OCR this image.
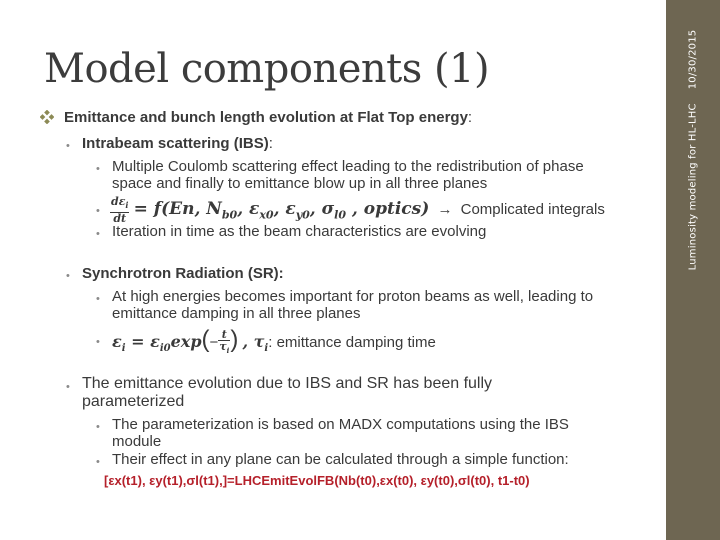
Luminosity modeling for HL-LHC10/30/2015
Model components (1)
Emittance and bunch length evolution at Flat Top energy:
• Intrabeam scattering (IBS):
• Multiple Coulomb scattering effect leading to the redistribution of phase
space and finally to emittance blow up in all three planes
• $\frac{d\varepsilon_i}{dt} = f(En$, $N_{b0}$, $\varepsilon_{x0}$, $\varepsilon_{y0}$, $\sigma_{l0}$ , optics) → Complicated integrals
• Iteration in time as the beam characteristics are evolving
• Synchrotron Radiation (SR):
• At high energies becomes important for proton beams as well, leading to
emittance damping in all three planes
• $\varepsilon_i = \varepsilon_{i0}\exp(- \frac{t}{\tau_i}$ ) , $\tau_i$: emittance damping time
• The emittance evolution due to IBS and SR has been fully
parameterized
• The parameterization is based on MADX computations using the IBS
module
• Their effect in any plane can be calculated through a simple function:
[εx(t1), εy(t1),σl(t1),]=LHCEmitEvolFB(Nb(t0),εx(t0), εy(t0),σl(t0), t1-t0)
